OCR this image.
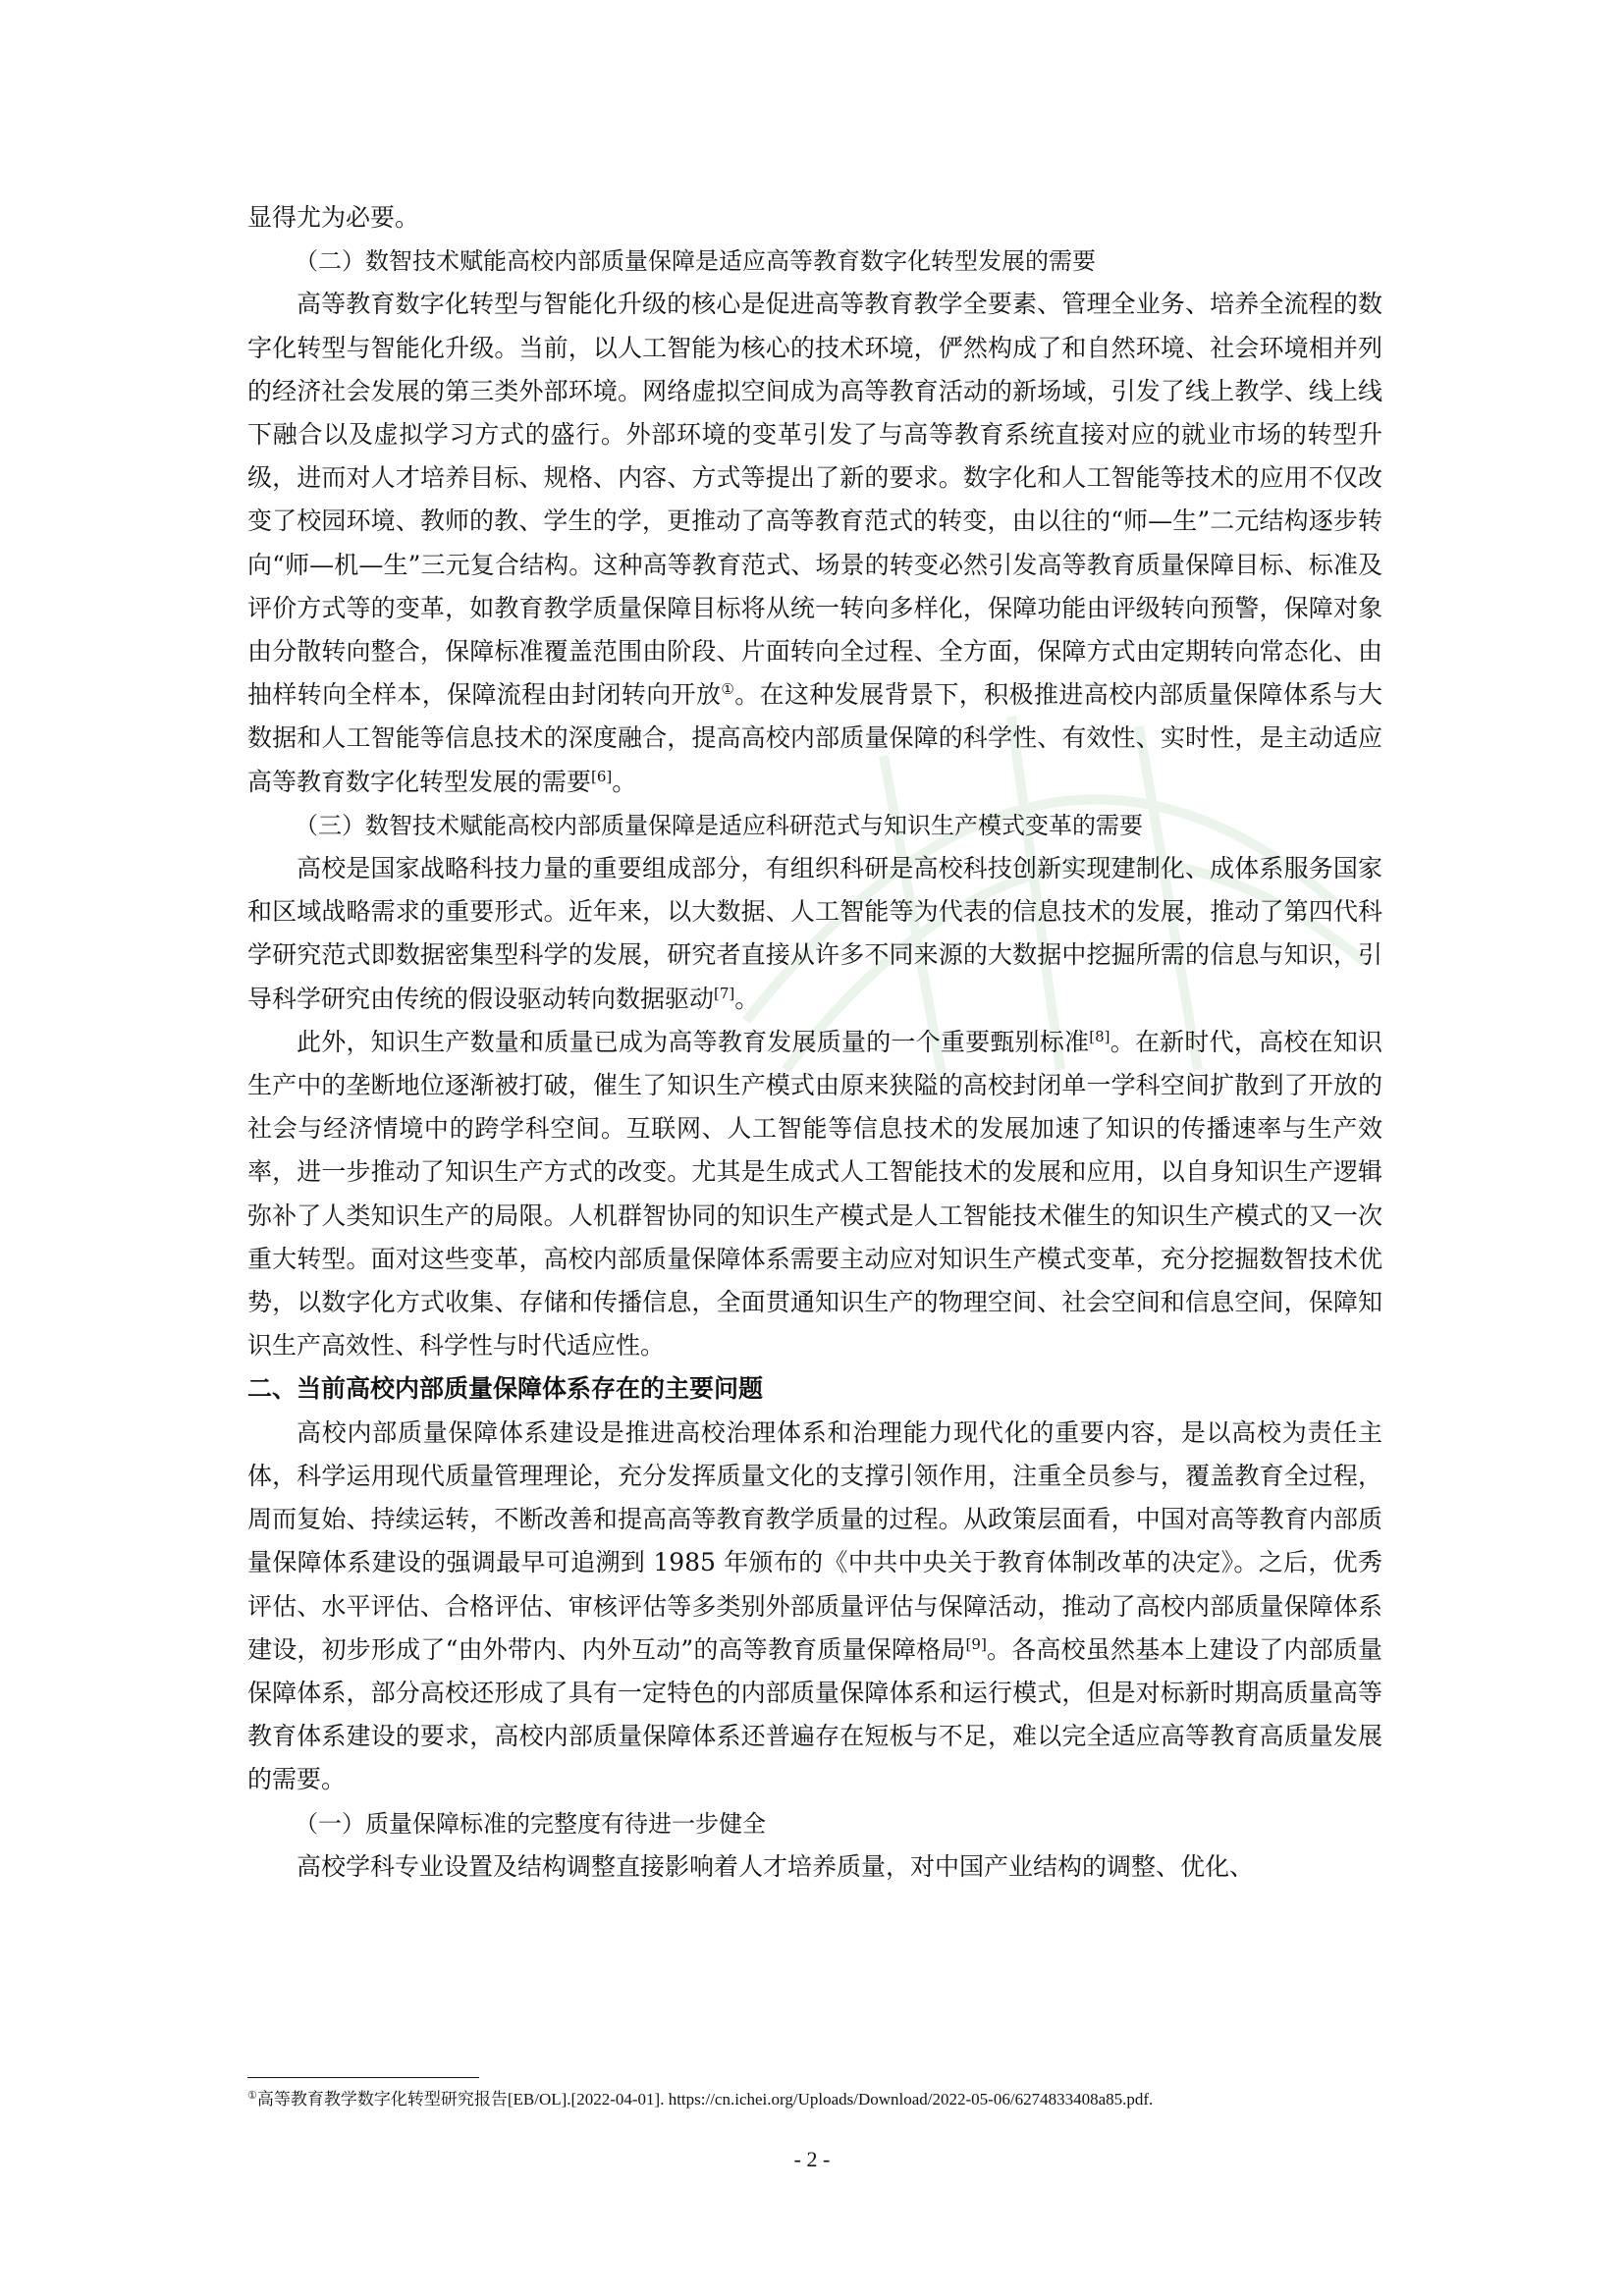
显得尤为必要。

（二）数智技术赋能高校内部质量保障是适应高等教育数字化转型发展的需要

高等教育数字化转型与智能化升级的核心是促进高等教育教学全要素、管理全业务、培养全流程的数字化转型与智能化升级。当前，以人工智能为核心的技术环境，俨然构成了和自然环境、社会环境相并列的经济社会发展的第三类外部环境。网络虚拟空间成为高等教育活动的新场域，引发了线上教学、线上线下融合以及虚拟学习方式的盛行。外部环境的变革引发了与高等教育系统直接对应的就业市场的转型升级，进而对人才培养目标、规格、内容、方式等提出了新的要求。数字化和人工智能等技术的应用不仅改变了校园环境、教师的教、学生的学，更推动了高等教育范式的转变，由以往的“师—生”二元结构逐步转向“师—机—生”三元复合结构。这种高等教育范式、场景的转变必然引发高等教育质量保障目标、标准及评价方式等的变革，如教育教学质量保障目标将从统一转向多样化，保障功能由评级转向预警，保障对象由分散转向整合，保障标准覆盖范围由阶段、片面转向全过程、全方面，保障方式由定期转向常态化、由抽样转向全样本，保障流程由封闭转向开放①。在这种发展背景下，积极推进高校内部质量保障体系与大数据和人工智能等信息技术的深度融合，提高高校内部质量保障的科学性、有效性、实时性，是主动适应高等教育数字化转型发展的需要[6]。

（三）数智技术赋能高校内部质量保障是适应科研范式与知识生产模式变革的需要

高校是国家战略科技力量的重要组成部分，有组织科研是高校科技创新实现建制化、成体系服务国家和区域战略需求的重要形式。近年来，以大数据、人工智能等为代表的信息技术的发展，推动了第四代科学研究范式即数据密集型科学的发展，研究者直接从许多不同来源的大数据中挖掘所需的信息与知识，引导科学研究由传统的假设驱动转向数据驱动[7]。

此外，知识生产数量和质量已成为高等教育发展质量的一个重要甄别标准[8]。在新时代，高校在知识生产中的垄断地位逐渐被打破，催生了知识生产模式由原来狭隘的高校封闭单一学科空间扩散到了开放的社会与经济情境中的跨学科空间。互联网、人工智能等信息技术的发展加速了知识的传播速率与生产效率，进一步推动了知识生产方式的改变。尤其是生成式人工智能技术的发展和应用，以自身知识生产逻辑弥补了人类知识生产的局限。人机群智协同的知识生产模式是人工智能技术催生的知识生产模式的又一次重大转型。面对这些变革，高校内部质量保障体系需要主动应对知识生产模式变革，充分挖掘数智技术优势，以数字化方式收集、存储和传播信息，全面贯通知识生产的物理空间、社会空间和信息空间，保障知识生产高效性、科学性与时代适应性。

二、当前高校内部质量保障体系存在的主要问题

高校内部质量保障体系建设是推进高校治理体系和治理能力现代化的重要内容，是以高校为责任主体，科学运用现代质量管理理论，充分发挥质量文化的支撑引领作用，注重全员参与，覆盖教育全过程，周而复始、持续运转，不断改善和提高高等教育教学质量的过程。从政策层面看，中国对高等教育内部质量保障体系建设的强调最早可追溯到 1985 年颁布的《中共中央关于教育体制改革的决定》。之后，优秀评估、水平评估、合格评估、审核评估等多类别外部质量评估与保障活动，推动了高校内部质量保障体系建设，初步形成了“由外带内、内外互动”的高等教育质量保障格局[9]。各高校虽然基本上建设了内部质量保障体系，部分高校还形成了具有一定特色的内部质量保障体系和运行模式，但是对标新时期高质量高等教育体系建设的要求，高校内部质量保障体系还普遍存在短板与不足，难以完全适应高等教育高质量发展的需要。

（一）质量保障标准的完整度有待进一步健全

高校学科专业设置及结构调整直接影响着人才培养质量，对中国产业结构的调整、优化、

①高等教育教学数字化转型研究报告[EB/OL].[2022-04-01]. https://cn.ichei.org/Uploads/Download/2022-05-06/6274833408a85.pdf.
- 2 -
